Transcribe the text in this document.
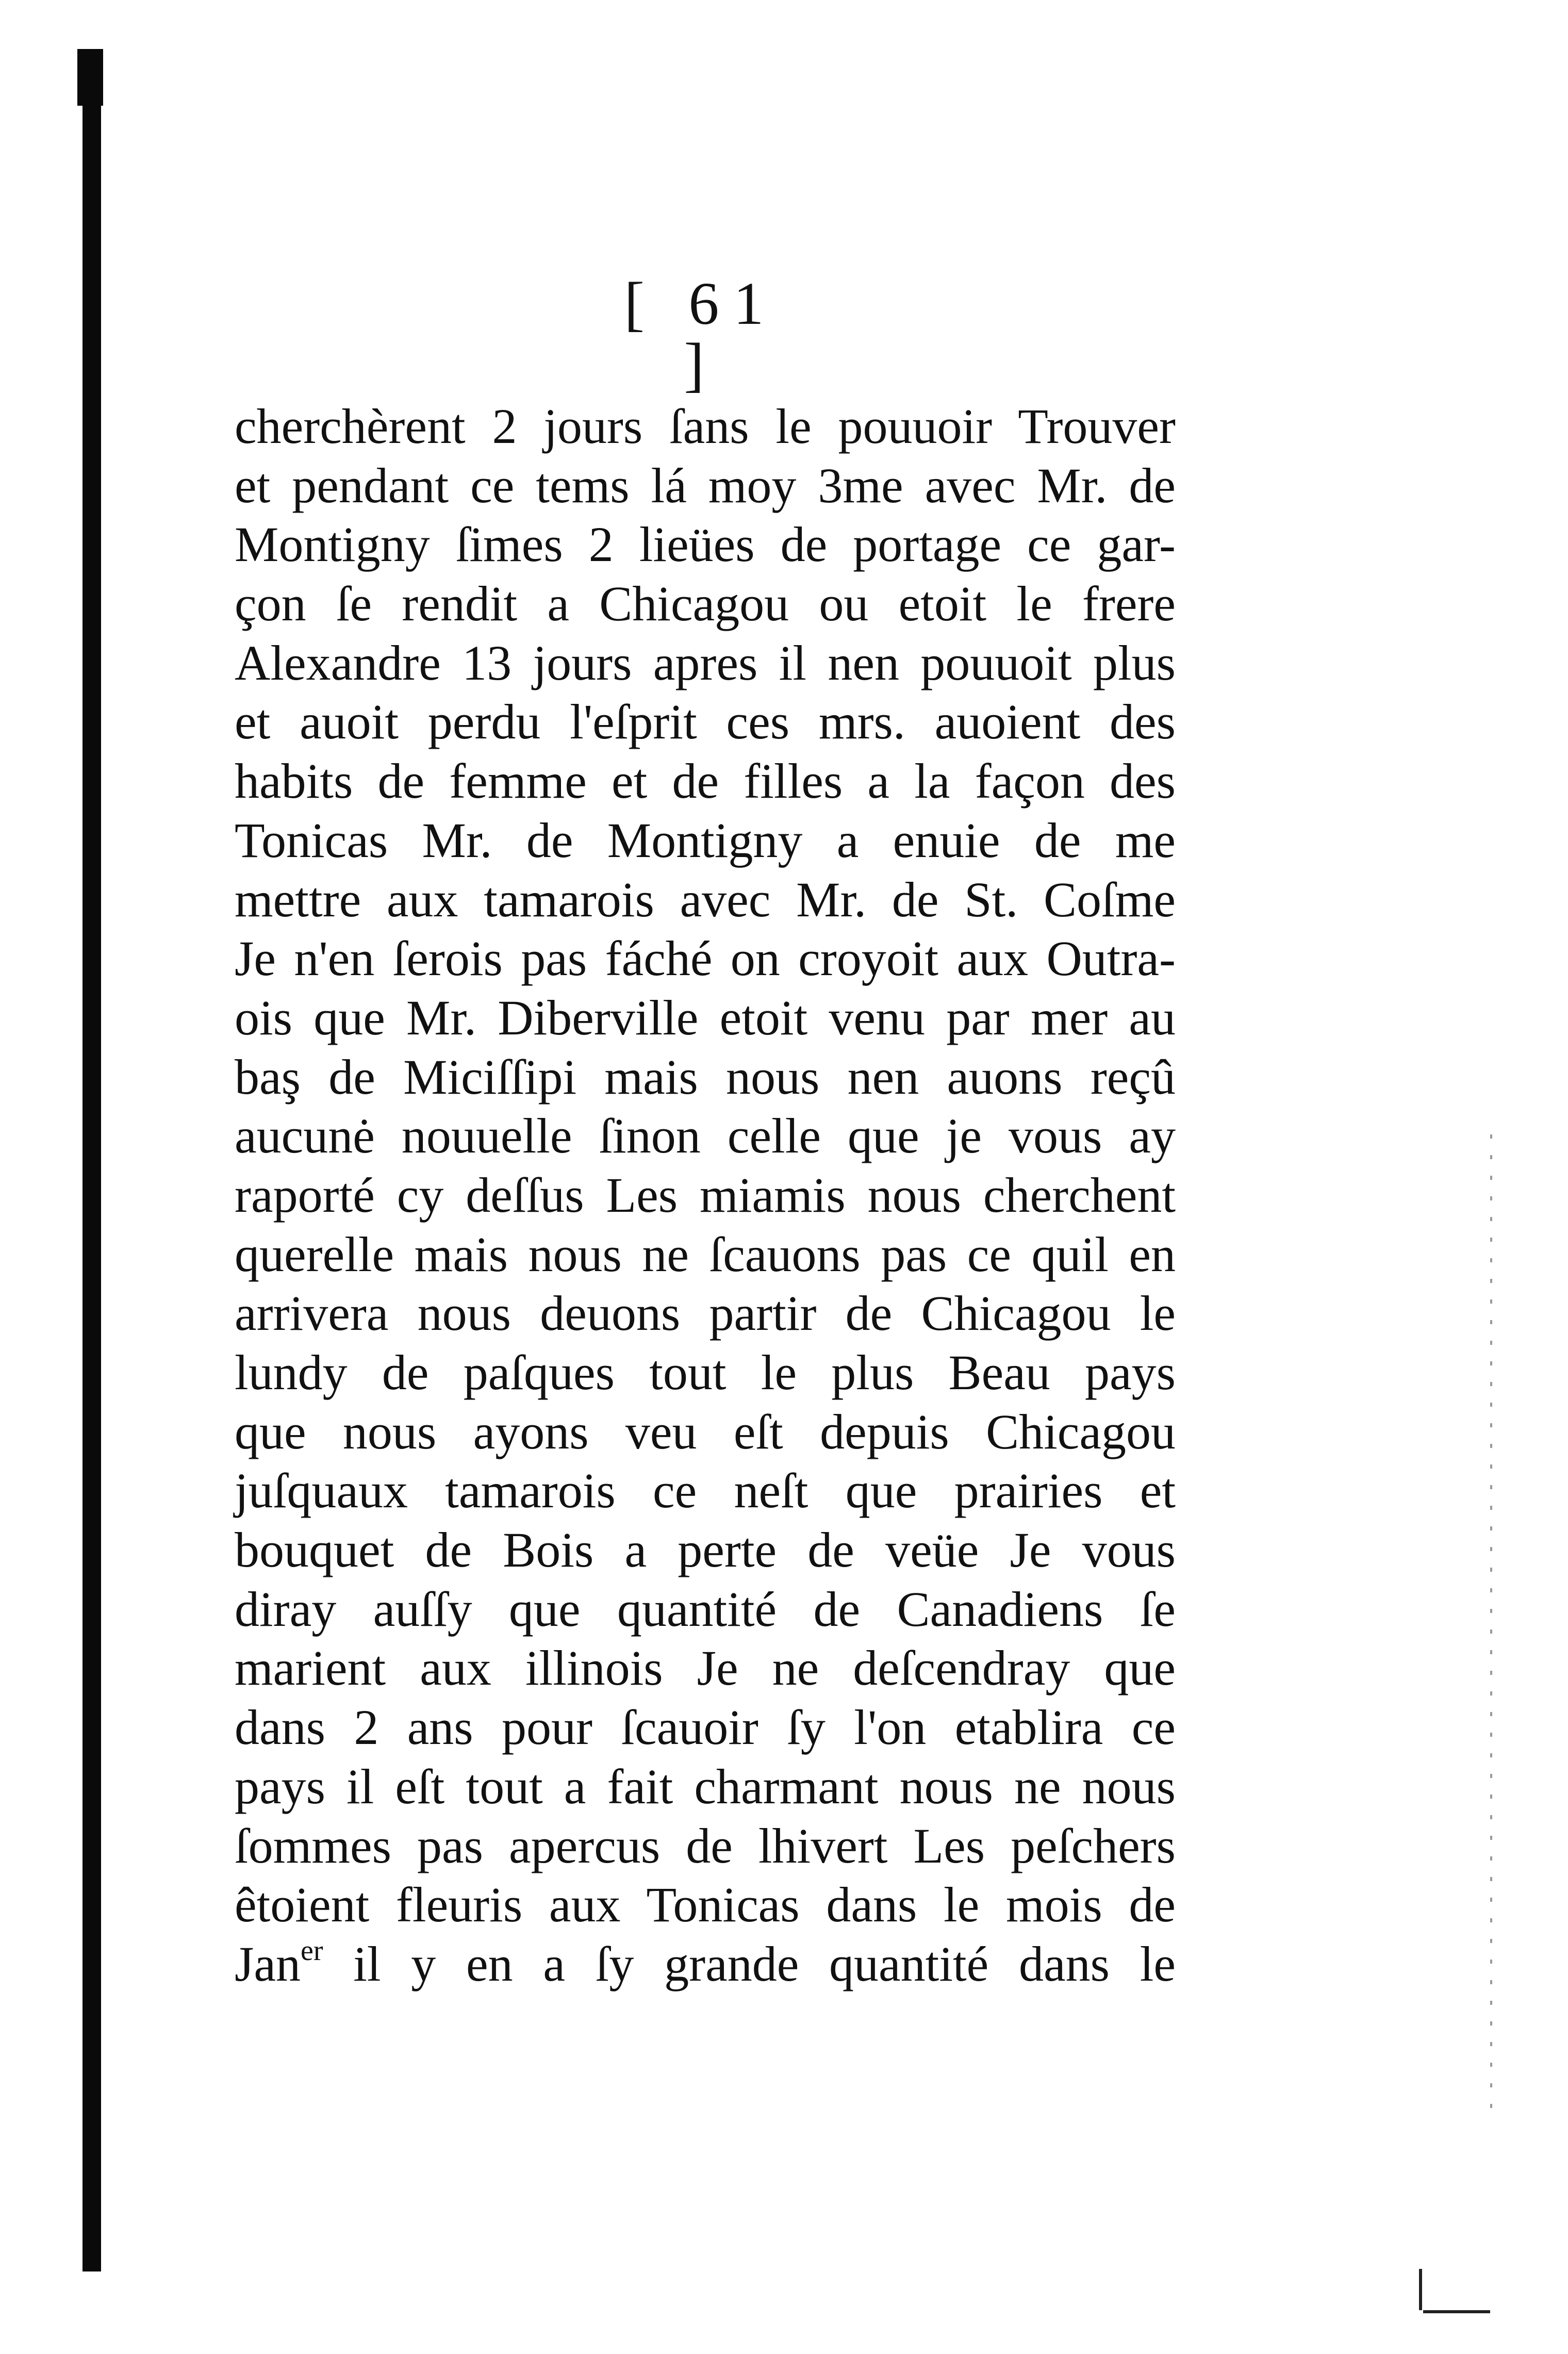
[ 61 ]
cherchèrent 2 jours ſans le pouuoir Trouver
et pendant ce tems lá moy 3me avec Mr. de
Montigny ſimes 2 lieües de portage ce gar-
çon ſe rendit a Chicagou ou etoit le frere
Alexandre 13 jours apres il nen pouuoit plus
et auoit perdu l'eſprit ces mrs. auoient des
habits de femme et de filles a la façon des
Tonicas Mr. de Montigny a enuie de me
mettre aux tamarois avec Mr. de St. Coſme
Je n'en ſerois pas fáché on croyoit aux Outra-
ois que Mr. Diberville etoit venu par mer au
baş de Miciſſipi mais nous nen auons reçû
aucunė nouuelle ſinon celle que je vous ay
raporté cy deſſus Les miamis nous cherchent
querelle mais nous ne ſcauons pas ce quil en
arrivera nous deuons partir de Chicagou le
lundy de paſques tout le plus Beau pays
que nous ayons veu eſt depuis Chicagou
juſquaux tamarois ce neſt que prairies et
bouquet de Bois a perte de veüe Je vous
diray auſſy que quantité de Canadiens ſe
marient aux illinois Je ne deſcendray que
dans 2 ans pour ſcauoir ſy l'on etablira ce
pays il eſt tout a fait charmant nous ne nous
ſommes pas apercus de lhivert Les peſchers
êtoient fleuris aux Tonicas dans le mois de
Jan$^{er}$ il y en a ſy grande quantité dans le
